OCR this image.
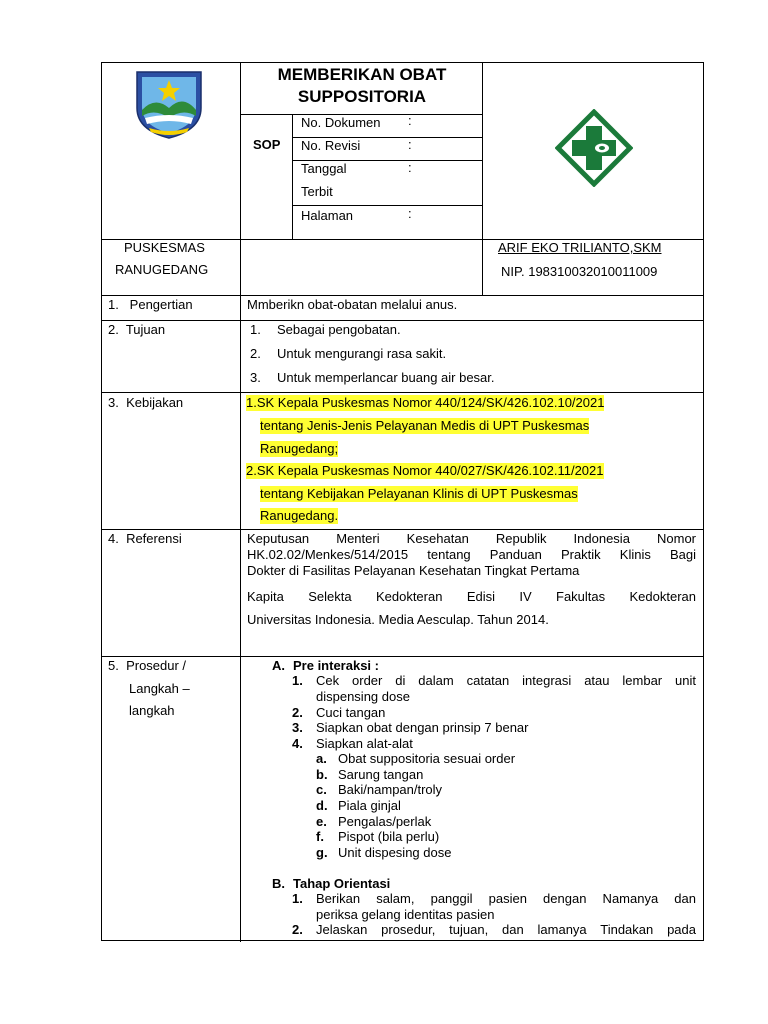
MEMBERIKAN OBAT
SUPPOSITORIA
SOP
No. Dokumen :
No. Revisi	:
Tanggal	:
Terbit
Halaman	:
PUSKESMAS
RANUGEDANG
ARIF EKO TRILIANTO,SKM
NIP. 198310032010011009
1.   Pengertian	Mmberikn obat-obatan melalui anus.
2.  Tujuan	1. Sebagai pengobatan.
2. Untuk mengurangi rasa sakit.
3. Untuk memperlancar buang air besar.
3.  Kebijakan	1.SK Kepala Puskesmas Nomor 440/124/SK/426.102.10/2021
tentang Jenis-Jenis Pelayanan Medis di UPT Puskesmas
Ranugedang;
2.SK Kepala Puskesmas Nomor 440/027/SK/426.102.11/2021
tentang Kebijakan Pelayanan Klinis di UPT Puskesmas
Ranugedang.
4.  Referensi	Keputusan Menteri Kesehatan Republik Indonesia Nomor
HK.02.02/Menkes/514/2015 tentang Panduan Praktik Klinis Bagi
Dokter di Fasilitas Pelayanan Kesehatan Tingkat Pertama
Kapita Selekta Kedokteran Edisi IV Fakultas Kedokteran
Universitas Indonesia. Media Aesculap. Tahun 2014.
5.  Prosedur /
Langkah –
langkah
A. Pre interaksi :
1. Cek order di dalam catatan integrasi atau lembar unit
dispensing dose
2. Cuci tangan
3. Siapkan obat dengan prinsip 7 benar
4. Siapkan alat-alat
a. Obat suppositoria sesuai order
b. Sarung tangan
c. Baki/nampan/troly
d. Piala ginjal
e. Pengalas/perlak
f. Pispot (bila perlu)
g. Unit dispesing dose
B. Tahap Orientasi
1. Berikan salam, panggil pasien dengan Namanya dan
periksa gelang identitas pasien
2. Jelaskan prosedur, tujuan, dan lamanya Tindakan pada
